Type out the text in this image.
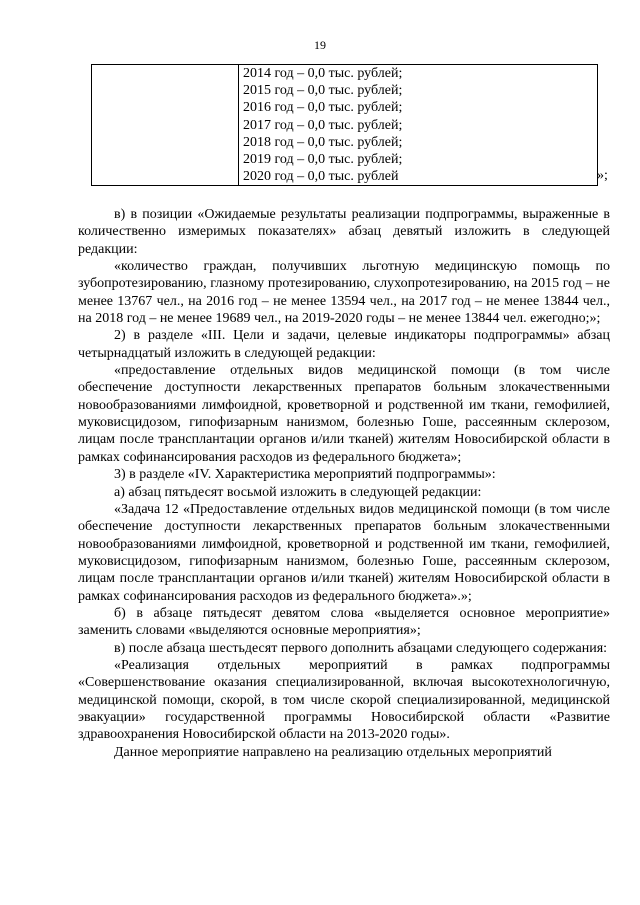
19

2014 год – 0,0 тыс. рублей;
2015 год – 0,0 тыс. рублей;
2016 год – 0,0 тыс. рублей;
2017 год – 0,0 тыс. рублей;
2018 год – 0,0 тыс. рублей;
2019 год – 0,0 тыс. рублей;
2020 год – 0,0 тыс. рублей	»;

в) в позиции «Ожидаемые результаты реализации подпрограммы, выраженные в количественно измеримых показателях» абзац девятый изложить в следующей редакции:

«количество граждан, получивших льготную медицинскую помощь по зубопротезированию, глазному протезированию, слухопротезированию, на 2015 год – не менее 13767 чел., на 2016 год – не менее 13594 чел., на 2017 год – не менее 13844 чел., на 2018 год – не менее 19689 чел., на 2019-2020 годы – не менее 13844 чел. ежегодно;»;

2) в разделе «III. Цели и задачи, целевые индикаторы подпрограммы» абзац четырнадцатый изложить в следующей редакции:

«предоставление отдельных видов медицинской помощи (в том числе обеспечение доступности лекарственных препаратов больным злокачественными новообразованиями лимфоидной, кроветворной и родственной им ткани, гемофилией, муковисцидозом, гипофизарным нанизмом, болезнью Гоше, рассеянным склерозом, лицам после трансплантации органов и/или тканей) жителям Новосибирской области в рамках софинансирования расходов из федерального бюджета»;

3) в разделе «IV. Характеристика мероприятий подпрограммы»:

а) абзац пятьдесят восьмой изложить в следующей редакции:

«Задача 12 «Предоставление отдельных видов медицинской помощи (в том числе обеспечение доступности лекарственных препаратов больным злокачественными новообразованиями лимфоидной, кроветворной и родственной им ткани, гемофилией, муковисцидозом, гипофизарным нанизмом, болезнью Гоше, рассеянным склерозом, лицам после трансплантации органов и/или тканей) жителям Новосибирской области в рамках софинансирования расходов из федерального бюджета».»;

б) в абзаце пятьдесят девятом слова «выделяется основное мероприятие» заменить словами «выделяются основные мероприятия»;

в) после абзаца шестьдесят первого дополнить абзацами следующего содержания:

«Реализация отдельных мероприятий в рамках подпрограммы «Совершенствование оказания специализированной, включая высокотехнологичную, медицинской помощи, скорой, в том числе скорой специализированной, медицинской эвакуации» государственной программы Новосибирской области «Развитие здравоохранения Новосибирской области на 2013-2020 годы».

Данное мероприятие направлено на реализацию отдельных мероприятий
